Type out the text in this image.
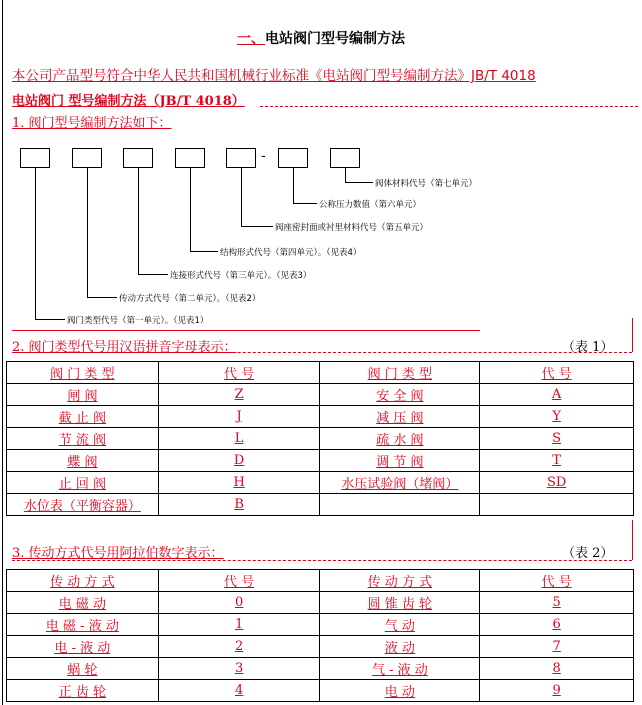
一、电站阀门型号编制方法
本公司产品型号符合中华人民共和国机械行业标准《电站阀门型号编制方法》JB/T 4018
电站阀门 型号编制方法（JB/T 4018）
1. 阀门型号编制方法如下：
-
阀体材料代号（第七单元）
公称压力数值（第六单元）
阀座密封面或衬里材料代号（第五单元）
结构形式代号（第四单元）。（见表4）
连接形式代号（第三单元）。（见表3）
传动方式代号（第二单元）。（见表2）
阀门类型代号（第一单元）。（见表1）
2. 阀门类型代号用汉语拼音字母表示：	（表 1）
阀 门 类 型	代 号	阀 门 类 型	代 号
闸 阀	Z	安 全 阀	A
截 止 阀	J	减 压 阀	Y
节 流 阀	L	疏 水 阀	S
蝶 阀	D	调 节 阀	T
止 回 阀	H	水压试验阀（堵阀）	SD
水位表（平衡容器）	B		
3. 传动方式代号用阿拉伯数字表示：	（表 2）
传 动 方 式	代 号	传 动 方 式	代 号
电 磁 动	0	圆 锥 齿 轮	5
电 磁 - 液 动	1	气 动	6
电 - 液 动	2	液 动	7
蜗 轮	3	气 - 液 动	8
正 齿 轮	4	电 动	9
